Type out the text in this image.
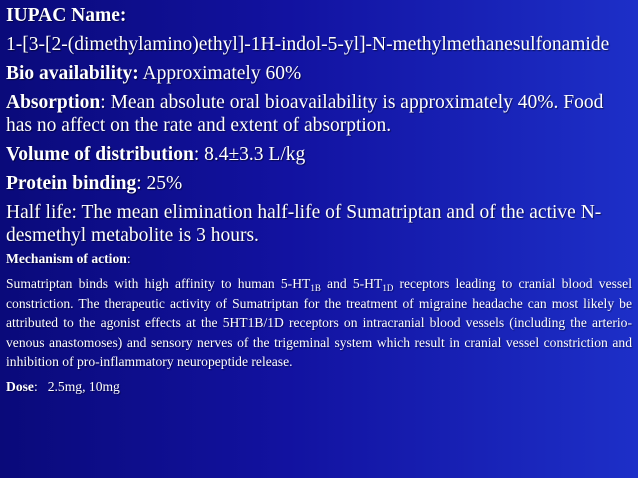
IUPAC Name:

1-[3-[2-(dimethylamino)ethyl]-1H-indol-5-yl]-N-methylmethanesulfonamide

Bio availability: Approximately 60%

Absorption: Mean absolute oral bioavailability is approximately 40%. Food has no affect on the rate and extent of absorption.

Volume of distribution: 8.4±3.3 L/kg

Protein binding: 25%

Half life: The mean elimination half-life of Sumatriptan and of the active N-desmethyl metabolite is 3 hours.

Mechanism of action:

Sumatriptan binds with high affinity to human $5-HT_{1B}$ and $5-HT_{1D}$ receptors leading to cranial blood vessel constriction. The therapeutic activity of Sumatriptan for the treatment of migraine headache can most likely be attributed to the agonist effects at the 5HT1B/1D receptors on intracranial blood vessels (including the arterio-venous anastomoses) and sensory nerves of the trigeminal system which result in cranial vessel constriction and inhibition of pro-inflammatory neuropeptide release.

Dose: 2.5mg, 10mg
